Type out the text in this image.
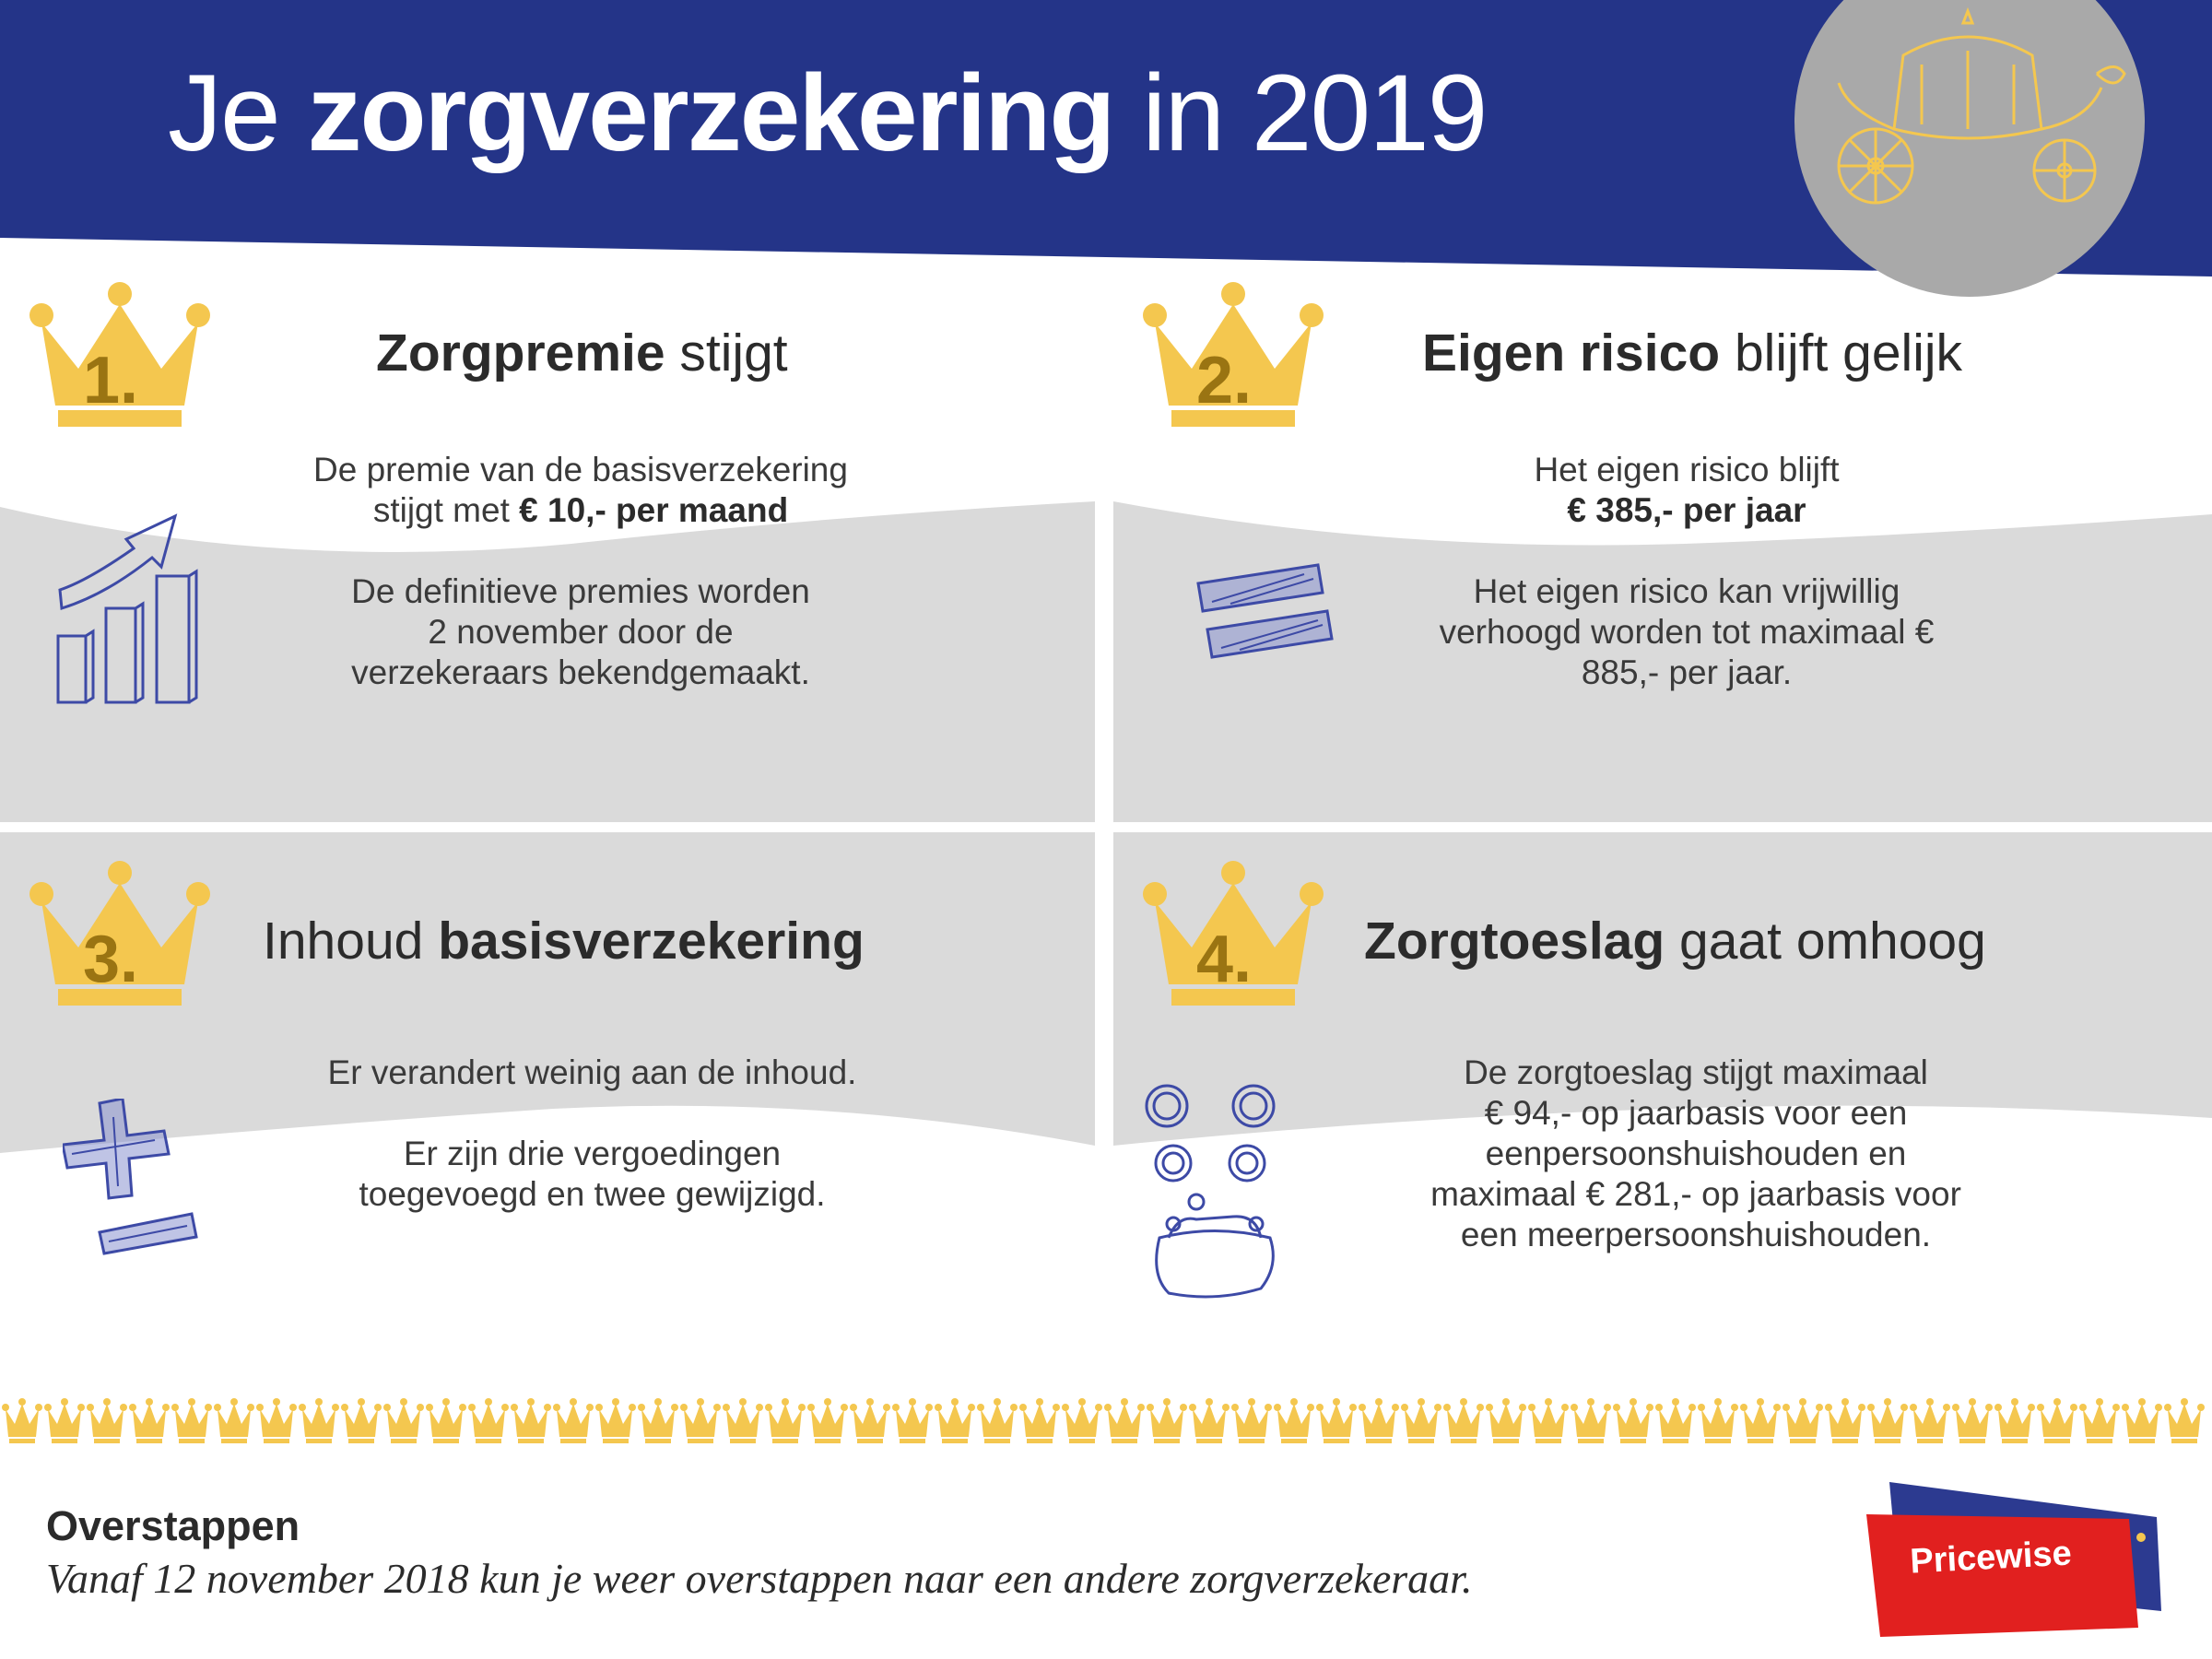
Je zorgverzekering in 2019
1.	2.
3.	4.
Zorgpremie stijgt	Eigen risico blijft gelijk
Inhoud basisverzekering	Zorgtoeslag gaat omhoog
De premie van de basisverzekering
stijgt met € 10,- per maand
De definitieve premies worden
2 november door de
verzekeraars bekendgemaakt.
Het eigen risico blijft
€ 385,- per jaar
Het eigen risico kan vrijwillig
verhoogd worden tot maximaal €
885,- per jaar.
Er verandert weinig aan de inhoud.
Er zijn drie vergoedingen
toegevoegd en twee gewijzigd.
De zorgtoeslag stijgt maximaal
€ 94,- op jaarbasis voor een
eenpersoonshuishouden en
maximaal € 281,- op jaarbasis voor
een meerpersoonshuishouden.
Overstappen
Vanaf 12 november 2018 kun je weer overstappen naar een andere zorgverzekeraar.	Pricewise
